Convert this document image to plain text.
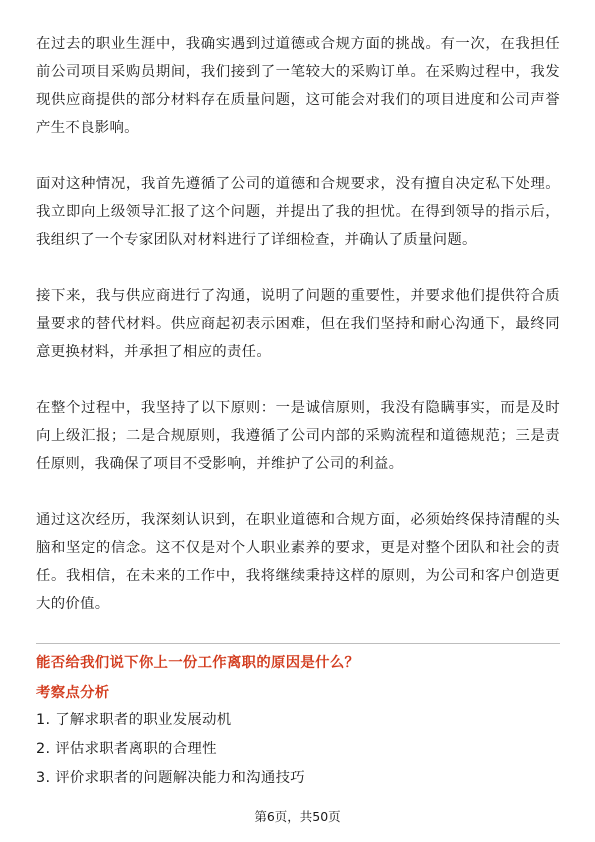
在过去的职业生涯中，我确实遇到过道德或合规方面的挑战。有一次，在我担任前公司项目采购员期间，我们接到了一笔较大的采购订单。在采购过程中，我发现供应商提供的部分材料存在质量问题，这可能会对我们的项目进度和公司声誉产生不良影响。

面对这种情况，我首先遵循了公司的道德和合规要求，没有擅自决定私下处理。我立即向上级领导汇报了这个问题，并提出了我的担忧。在得到领导的指示后，我组织了一个专家团队对材料进行了详细检查，并确认了质量问题。

接下来，我与供应商进行了沟通，说明了问题的重要性，并要求他们提供符合质量要求的替代材料。供应商起初表示困难，但在我们坚持和耐心沟通下，最终同意更换材料，并承担了相应的责任。

在整个过程中，我坚持了以下原则：一是诚信原则，我没有隐瞒事实，而是及时向上级汇报；二是合规原则，我遵循了公司内部的采购流程和道德规范；三是责任原则，我确保了项目不受影响，并维护了公司的利益。

通过这次经历，我深刻认识到，在职业道德和合规方面，必须始终保持清醒的头脑和坚定的信念。这不仅是对个人职业素养的要求，更是对整个团队和社会的责任。我相信，在未来的工作中，我将继续秉持这样的原则，为公司和客户创造更大的价值。

能否给我们说下你上一份工作离职的原因是什么？

考察点分析

1. 了解求职者的职业发展动机
2. 评估求职者离职的合理性
3. 评价求职者的问题解决能力和沟通技巧
第6页，共50页
